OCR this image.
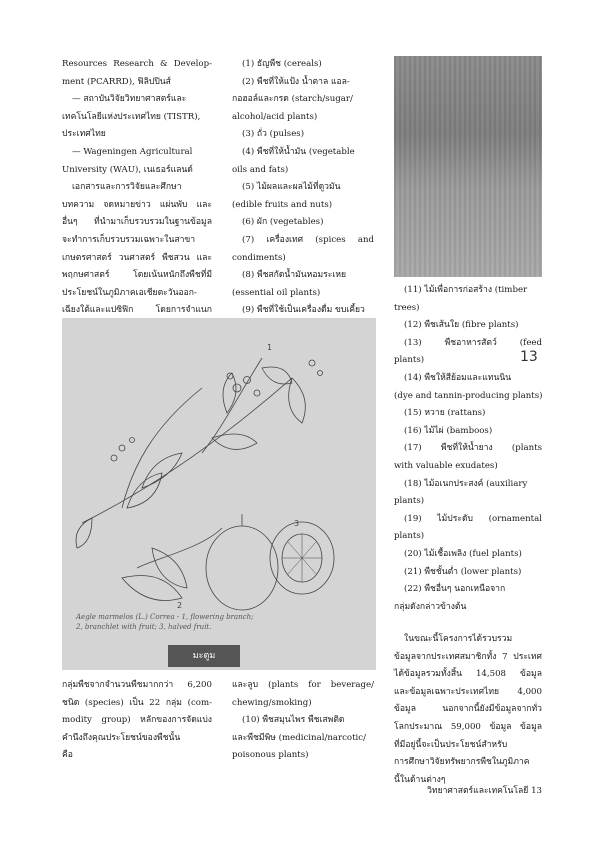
Resources Research & Develop-

ment (PCARRD), ฟิลิปปินส์

— สถาบันวิจัยวิทยาศาสตร์และ

เทคโนโลยีแห่งประเทศไทย (TISTR),

ประเทศไทย

— Wageningen Agricultural

University (WAU), เนเธอร์แลนด์

เอกสารและการวิจัยและศึกษา

บทความ จดหมายข่าว แผ่นพับ และ

อื่นๆ ที่นำมาเก็บรวบรวมในฐานข้อมูล

จะทำการเก็บรวบรวมเฉพาะในสาขา

เกษตรศาสตร์ วนศาสตร์ พืชสวน และ

พฤกษศาสตร์ โดยเน้นหนักถึงพืชที่มี

ประโยชน์ในภูมิภาคเอเชียตะวันออก-

เฉียงใต้และแปซิฟิก โดยการจำแนก

(1) ธัญพืช (cereals)

(2) พืชที่ให้แป้ง น้ำตาล แอล-

กอฮอล์และกรด (starch/sugar/

alcohol/acid plants)

(3) ถั่ว (pulses)

(4) พืชที่ให้น้ำมัน (vegetable

oils and fats)

(5) ไม้ผลและผลไม้ที่ดูวมัน

(edible fruits and nuts)

(6) ผัก (vegetables)

(7) เครื่องเทศ (spices and

condiments)

(8) พืชสกัดน้ำมันหอมระเหย

(essential oil plants)

(9) พืชที่ใช้เป็นเครื่องดื่ม ขบเคี้ยว

(11) ไม้เพื่อการก่อสร้าง (timber

trees)

(12) พืชเส้นใย (fibre plants)

(13) พืชอาหารสัตว์ (feed

plants)

(14) พืชให้สีย้อมและแทนนิน

(dye and tannin-producing plants)

(15) หวาย (rattans)

(16) ไม้ไผ่ (bamboos)

(17) พืชที่ให้น้ำยาง (plants

with valuable exudates)

(18) ไม้อเนกประสงค์ (auxiliary

plants)

(19) ไม้ประดับ (ornamental

plants)

(20) ไม้เชื้อเพลิง (fuel plants)

(21) พืชชั้นต่ำ (lower plants)

(22) พืชอื่นๆ นอกเหนือจาก

กลุ่มดังกล่าวข้างต้น

ในขณะนี้โครงการได้รวบรวม

ข้อมูลจากประเทศสมาชิกทั้ง 7 ประเทศ

ได้ข้อมูลรวมทั้งสิ้น 14,508 ข้อมูล

และข้อมูลเฉพาะประเทศไทย 4,000

ข้อมูล นอกจากนี้ยังมีข้อมูลจากทั่ว

โลกประมาณ 59,000 ข้อมูล ข้อมูล

ที่มีอยู่นี้จะเป็นประโยชน์สำหรับ

การศึกษาวิจัยทรัพยากรพืชในภูมิภาค

นี้ในด้านต่างๆ

13
1
2
3
Aegle marmelos (L.) Correa - 1, flowering branch;
2, branchlet with fruit; 3, halved fruit.
มะตูม

กลุ่มพืชจากจำนวนพืชมากกว่า 6,200

ชนิด (species) เป็น 22 กลุ่ม (com-

modity group) หลักของการจัดแบ่ง

คำนึงถึงคุณประโยชน์ของพืชนั้น

คือ

และลูบ (plants for beverage/

chewing/smoking)

(10) พืชสมุนไพร พืชเสพติด

และพืชมีพิษ (medicinal/narcotic/

poisonous plants)

วิทยาศาสตร์และเทคโนโลยี 13
